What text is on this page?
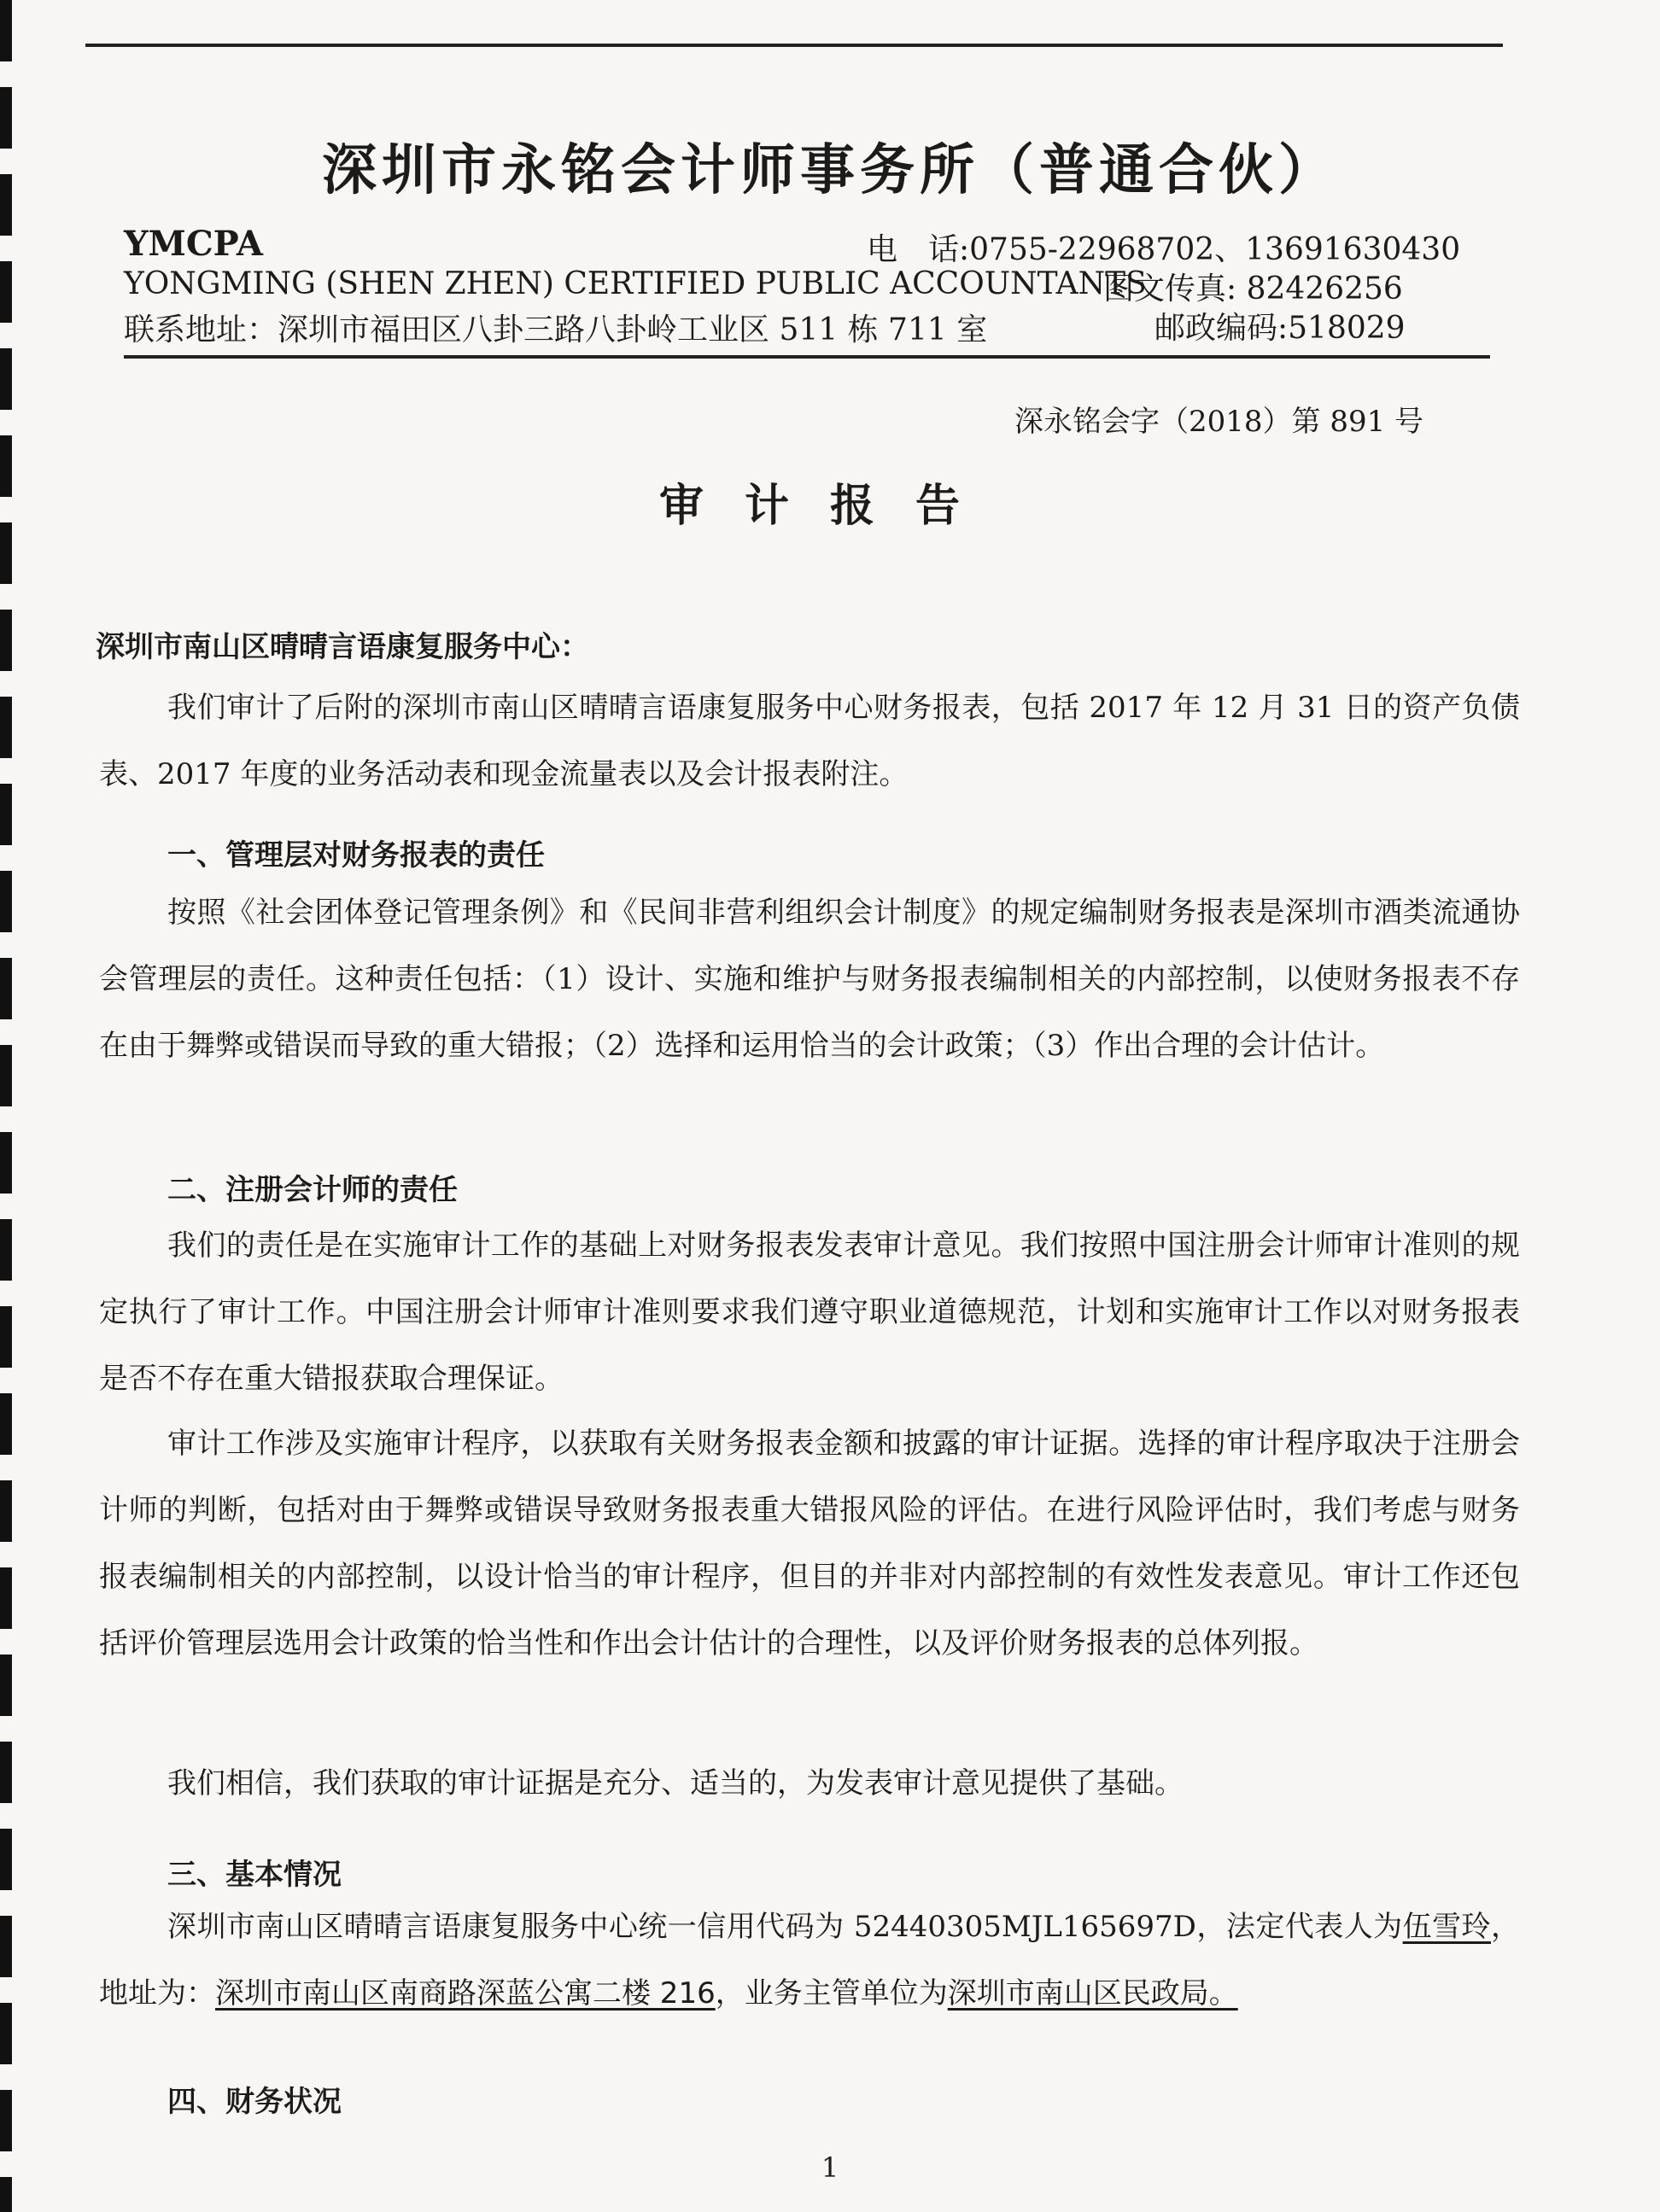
深圳市永铭会计师事务所（普通合伙）
YMCPA
YONGMING (SHEN ZHEN) CERTIFIED PUBLIC ACCOUNTANTS
联系地址：深圳市福田区八卦三路八卦岭工业区 511 栋 711 室
电　话:0755-22968702、13691630430
图文传真: 82426256
邮政编码:518029
深永铭会字（2018）第 891 号
审计报告
深圳市南山区晴晴言语康复服务中心：
我们审计了后附的深圳市南山区晴晴言语康复服务中心财务报表，包括 2017 年 12 月 31 日的资产负债表、2017 年度的业务活动表和现金流量表以及会计报表附注。
一、管理层对财务报表的责任
按照《社会团体登记管理条例》和《民间非营利组织会计制度》的规定编制财务报表是深圳市酒类流通协会管理层的责任。这种责任包括：（1）设计、实施和维护与财务报表编制相关的内部控制，以使财务报表不存在由于舞弊或错误而导致的重大错报；（2）选择和运用恰当的会计政策；（3）作出合理的会计估计。
二、注册会计师的责任
我们的责任是在实施审计工作的基础上对财务报表发表审计意见。我们按照中国注册会计师审计准则的规定执行了审计工作。中国注册会计师审计准则要求我们遵守职业道德规范，计划和实施审计工作以对财务报表是否不存在重大错报获取合理保证。
审计工作涉及实施审计程序，以获取有关财务报表金额和披露的审计证据。选择的审计程序取决于注册会计师的判断，包括对由于舞弊或错误导致财务报表重大错报风险的评估。在进行风险评估时，我们考虑与财务报表编制相关的内部控制，以设计恰当的审计程序，但目的并非对内部控制的有效性发表意见。审计工作还包括评价管理层选用会计政策的恰当性和作出会计估计的合理性，以及评价财务报表的总体列报。
我们相信，我们获取的审计证据是充分、适当的，为发表审计意见提供了基础。
三、基本情况
深圳市南山区晴晴言语康复服务中心统一信用代码为 52440305MJL165697D，法定代表人为伍雪玲，地址为：深圳市南山区南商路深蓝公寓二楼 216，业务主管单位为深圳市南山区民政局。
四、财务状况
1
